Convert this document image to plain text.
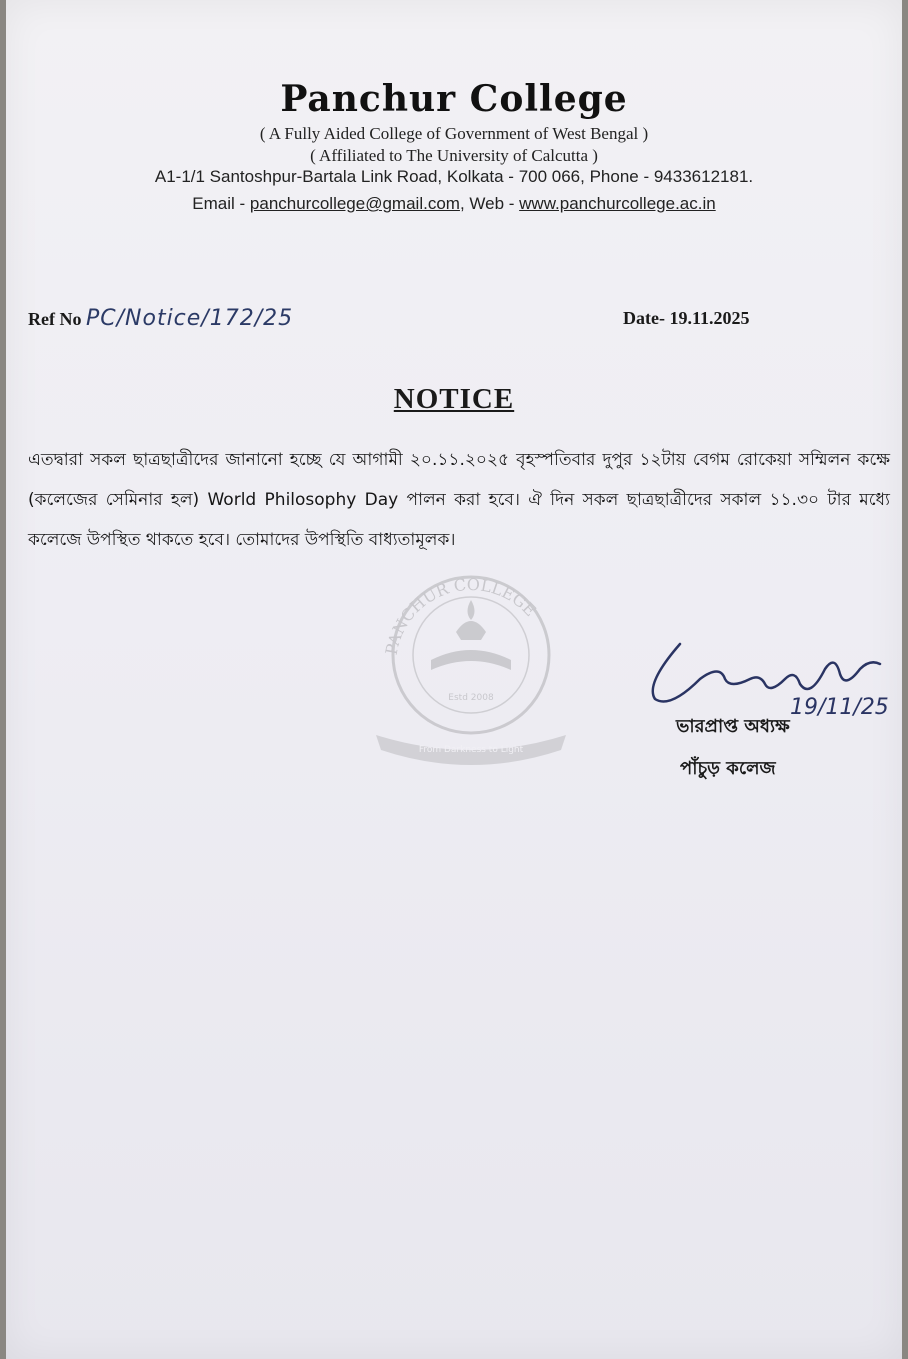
Panchur College
( A Fully Aided College of Government of West Bengal )
( Affiliated to The University of Calcutta )
A1-1/1 Santoshpur-Bartala Link Road, Kolkata - 700 066, Phone - 9433612181.
Email - panchurcollege@gmail.com, Web - www.panchurcollege.ac.in
Ref No PC/Notice/172/25	Date- 19.11.2025
NOTICE
PANCHUR COLLEGE
Estd 2008
From Darkness to Light
এতদ্বারা সকল ছাত্রছাত্রীদের জানানো হচ্ছে যে আগামী ২০.১১.২০২৫ বৃহস্পতিবার দুপুর ১২টায় বেগম রোকেয়া সম্মিলন কক্ষে (কলেজের সেমিনার হল) World Philosophy Day পালন করা হবে। ঐ দিন সকল ছাত্রছাত্রীদের সকাল ১১.৩০ টার মধ্যে কলেজে উপস্থিত থাকতে হবে। তোমাদের উপস্থিতি বাধ্যতামূলক।
19/11/25
ভারপ্রাপ্ত অধ্যক্ষ
পাঁচুড় কলেজ
